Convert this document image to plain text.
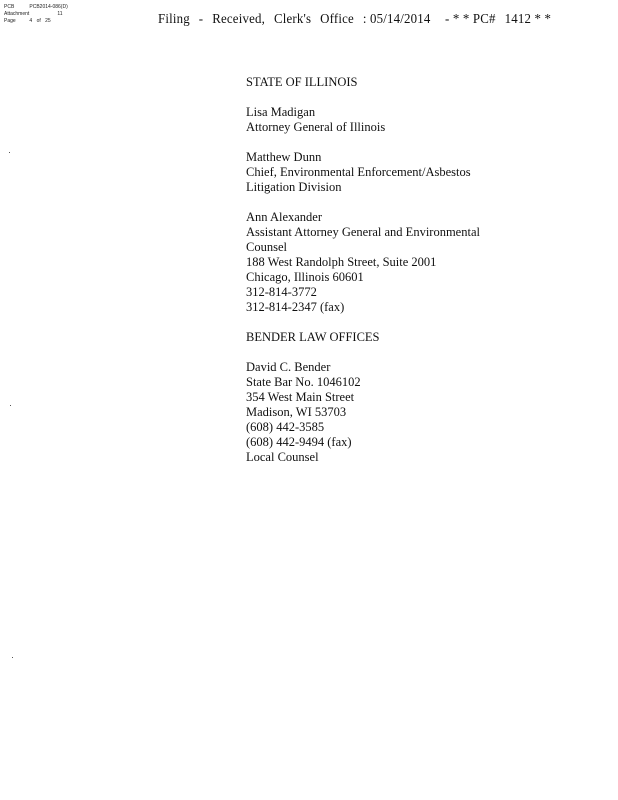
PCB	PCB2014-086(D)
Attachment	11
Page	4 of 25	Filing - Received, Clerk's Office : 05/14/2014 - * * PC# 1412 * *
STATE OF ILLINOIS
Lisa Madigan
Attorney General of Illinois
Matthew Dunn
Chief, Environmental Enforcement/Asbestos
Litigation Division
Ann Alexander
Assistant Attorney General and Environmental
Counsel
188 West Randolph Street, Suite 2001
Chicago, Illinois 60601
312-814-3772
312-814-2347 (fax)
BENDER LAW OFFICES
David C. Bender
State Bar No. 1046102
354 West Main Street
Madison, WI 53703
(608) 442-3585
(608) 442-9494 (fax)
Local Counsel
